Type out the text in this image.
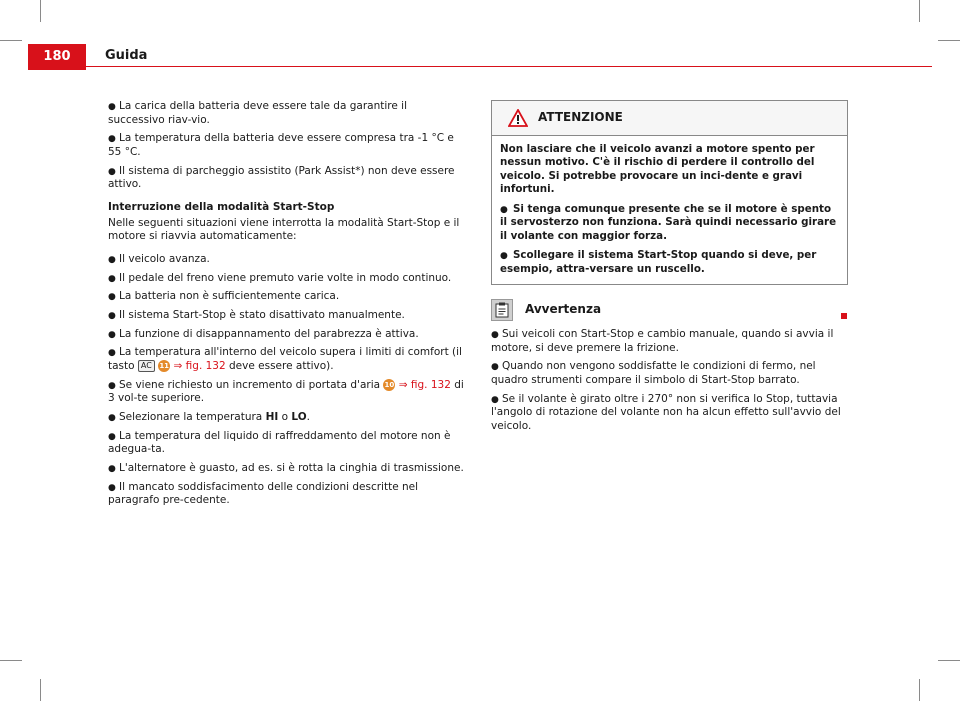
180	Guida
● La carica della batteria deve essere tale da garantire il successivo riav-vio.
● La temperatura della batteria deve essere compresa tra -1 °C e 55 °C.
● Il sistema di parcheggio assistito (Park Assist*) non deve essere attivo.
Interruzione della modalità Start-Stop

Nelle seguenti situazioni viene interrotta la modalità Start-Stop e il motore si riavvia automaticamente:

● Il veicolo avanza.
● Il pedale del freno viene premuto varie volte in modo continuo.
● La batteria non è sufficientemente carica.
● Il sistema Start-Stop è stato disattivato manualmente.
● La funzione di disappannamento del parabrezza è attiva.
● La temperatura all'interno del veicolo supera i limiti di comfort (il tasto AC 11 ⇒ fig. 132 deve essere attivo).
● Se viene richiesto un incremento di portata d'aria 10 ⇒ fig. 132 di 3 vol-te superiore.
● Selezionare la temperatura HI o LO.
● La temperatura del liquido di raffreddamento del motore non è adegua-ta.
● L'alternatore è guasto, ad es. si è rotta la cinghia di trasmissione.
● Il mancato soddisfacimento delle condizioni descritte nel paragrafo pre-cedente.
ATTENZIONE

Non lasciare che il veicolo avanzi a motore spento per nessun motivo. C'è il rischio di perdere il controllo del veicolo. Si potrebbe provocare un inci-dente e gravi infortuni.

● Si tenga comunque presente che se il motore è spento il servosterzo non funziona. Sarà quindi necessario girare il volante con maggior forza.

● Scollegare il sistema Start-Stop quando si deve, per esempio, attra-versare un ruscello.

Avvertenza
● Sui veicoli con Start-Stop e cambio manuale, quando si avvia il motore, si deve premere la frizione.
● Quando non vengono soddisfatte le condizioni di fermo, nel quadro strumenti compare il simbolo di Start-Stop barrato.
● Se il volante è girato oltre i 270° non si verifica lo Stop, tuttavia l'angolo di rotazione del volante non ha alcun effetto sull'avvio del veicolo.
